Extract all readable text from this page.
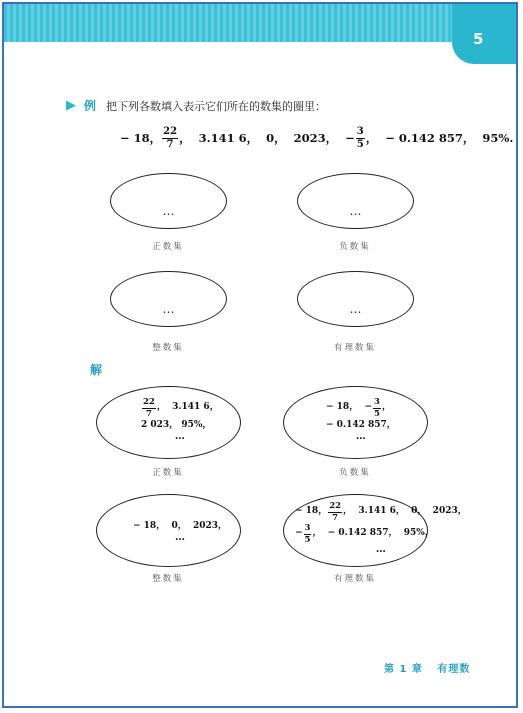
5
▶ 例 把下列各数填入表示它们所在的数集的圈里：
− 18， $\frac{22}{7}$ ，  3.141 6，  0，  2023，  − $\frac{3}{5}$ ，  − 0.142 857，  95%.
…
正数集
…
负数集
…
整数集
…
有理数集
解
$\frac{22}{7}$ ，  3.141 6，
2 023， 95%，
…
正数集
− 18，  − $\frac{3}{5}$ ，
− 0.142 857，
…
负数集
− 18，  0，  2023，
…
整数集
− 18， $\frac{22}{7}$ ，  3.141 6，  0，  2023，
− $\frac{3}{5}$ ，  − 0.142 857，  95%，
…
有理数集
第 1 章 有理数
